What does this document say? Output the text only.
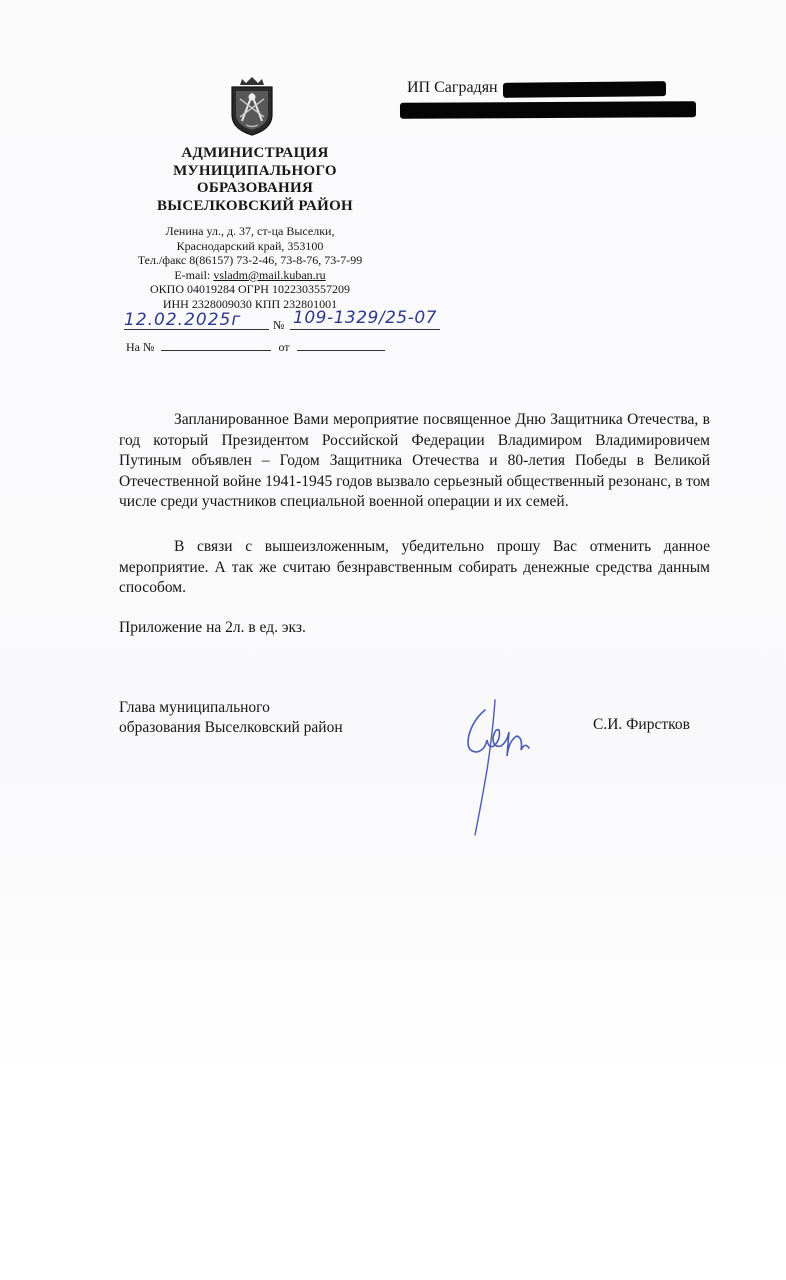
АДМИНИСТРАЦИЯ
МУНИЦИПАЛЬНОГО
ОБРАЗОВАНИЯ
ВЫСЕЛКОВСКИЙ РАЙОН
Ленина ул., д. 37, ст-ца Выселки,
Краснодарский край, 353100
Тел./факс 8(86157) 73-2-46, 73-8-76, 73-7-99
E-mail: vsladm@mail.kuban.ru
ОКПО 04019284 ОГРН 1022303557209
ИНН 2328009030 КПП 232801001
12.02.2025г	№ 109-1329/25-07
На №	от
ИП Саградян

Запланированное Вами мероприятие посвященное Дню Защитника Отечества, в год который Президентом Российской Федерации Владимиром Владимировичем Путиным объявлен – Годом Защитника Отечества и 80-летия Победы в Великой Отечественной войне 1941-1945 годов вызвало серьезный общественный резонанс, в том числе среди участников специальной военной операции и их семей.

В связи с вышеизложенным, убедительно прошу Вас отменить данное мероприятие. А так же считаю безнравственным собирать денежные средства данным способом.

Приложение на 2л. в ед. экз.
Глава муниципального
образования Выселковский район	С.И. Фирстков
